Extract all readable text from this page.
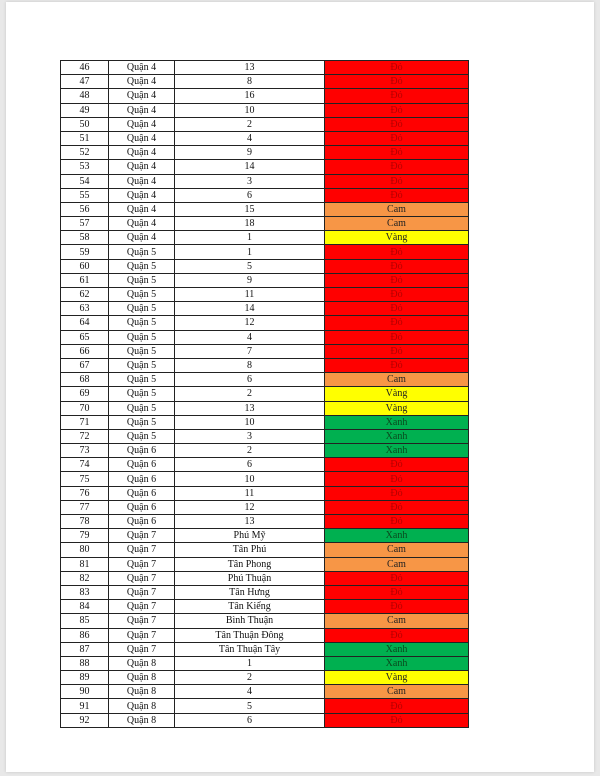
46	Quận 4	13	Đỏ
47	Quận 4	8	Đỏ
48	Quận 4	16	Đỏ
49	Quận 4	10	Đỏ
50	Quận 4	2	Đỏ
51	Quận 4	4	Đỏ
52	Quận 4	9	Đỏ
53	Quận 4	14	Đỏ
54	Quận 4	3	Đỏ
55	Quận 4	6	Đỏ
56	Quận 4	15	Cam
57	Quận 4	18	Cam
58	Quận 4	1	Vàng
59	Quận 5	1	Đỏ
60	Quận 5	5	Đỏ
61	Quận 5	9	Đỏ
62	Quận 5	11	Đỏ
63	Quận 5	14	Đỏ
64	Quận 5	12	Đỏ
65	Quận 5	4	Đỏ
66	Quận 5	7	Đỏ
67	Quận 5	8	Đỏ
68	Quận 5	6	Cam
69	Quận 5	2	Vàng
70	Quận 5	13	Vàng
71	Quận 5	10	Xanh
72	Quận 5	3	Xanh
73	Quận 6	2	Xanh
74	Quận 6	6	Đỏ
75	Quận 6	10	Đỏ
76	Quận 6	11	Đỏ
77	Quận 6	12	Đỏ
78	Quận 6	13	Đỏ
79	Quận 7	Phú Mỹ	Xanh
80	Quận 7	Tân Phú	Cam
81	Quận 7	Tân Phong	Cam
82	Quận 7	Phú Thuận	Đỏ
83	Quận 7	Tân Hưng	Đỏ
84	Quận 7	Tân Kiểng	Đỏ
85	Quận 7	Bình Thuận	Cam
86	Quận 7	Tân Thuận Đông	Đỏ
87	Quận 7	Tân Thuận Tây	Xanh
88	Quận 8	1	Xanh
89	Quận 8	2	Vàng
90	Quận 8	4	Cam
91	Quận 8	5	Đỏ
92	Quận 8	6	Đỏ
